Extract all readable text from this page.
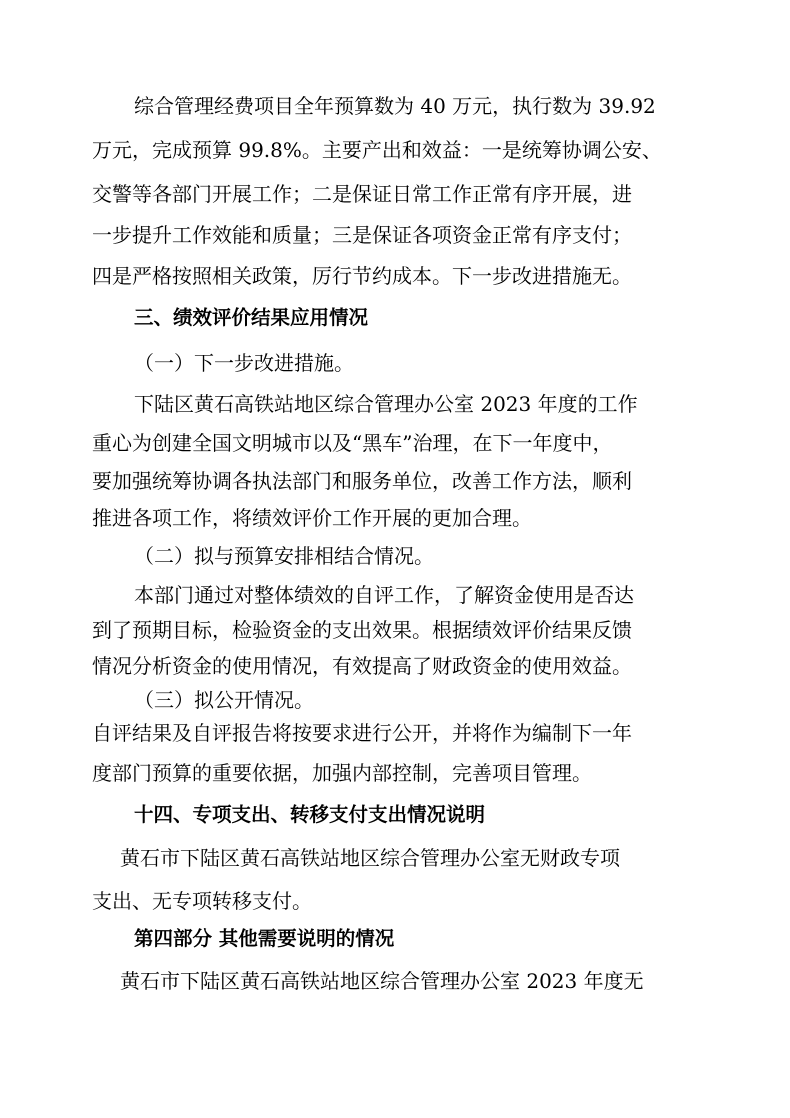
综合管理经费项目全年预算数为 40 万元，执行数为 39.92
万元，完成预算 99.8%。主要产出和效益：一是统筹协调公安、
交警等各部门开展工作；二是保证日常工作正常有序开展，进
一步提升工作效能和质量；三是保证各项资金正常有序支付；
四是严格按照相关政策，厉行节约成本。下一步改进措施无。
三、绩效评价结果应用情况
（一）下一步改进措施。
下陆区黄石高铁站地区综合管理办公室 2023 年度的工作
重心为创建全国文明城市以及“黑车”治理，在下一年度中，
要加强统筹协调各执法部门和服务单位，改善工作方法，顺利
推进各项工作，将绩效评价工作开展的更加合理。
（二）拟与预算安排相结合情况。
本部门通过对整体绩效的自评工作，了解资金使用是否达
到了预期目标，检验资金的支出效果。根据绩效评价结果反馈
情况分析资金的使用情况，有效提高了财政资金的使用效益。
（三）拟公开情况。
自评结果及自评报告将按要求进行公开，并将作为编制下一年
度部门预算的重要依据，加强内部控制，完善项目管理。
十四、专项支出、转移支付支出情况说明
黄石市下陆区黄石高铁站地区综合管理办公室无财政专项
支出、无专项转移支付。
第四部分 其他需要说明的情况
黄石市下陆区黄石高铁站地区综合管理办公室 2023 年度无
